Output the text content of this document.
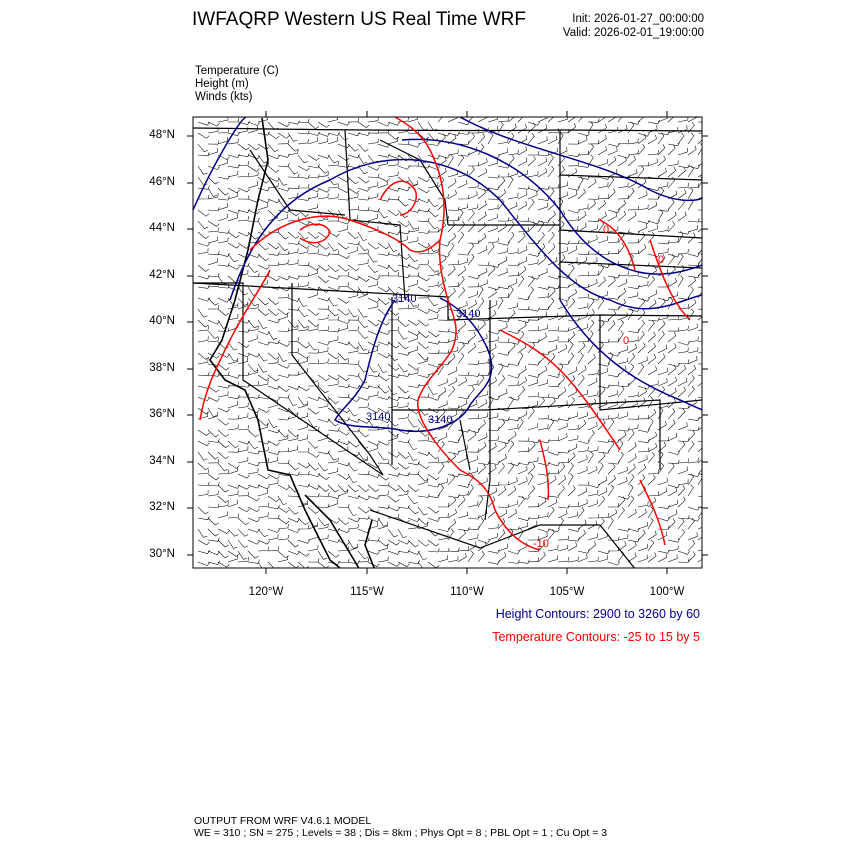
IWFAQRP Western US Real Time WRF	Init: 2026-01-27_00:00:00
Valid: 2026-02-01_19:00:00
Temperature (C)
Height (m)
Winds (kts)
3140
3140
3140	3140
0
0
0
-10
48°N
46°N
44°N
42°N
40°N
38°N
36°N
34°N
32°N
30°N
120°W	115°W	110°W	105°W	100°W
Height Contours: 2900 to 3260 by 60
Temperature Contours: -25 to 15 by 5
OUTPUT FROM WRF V4.6.1 MODEL
WE = 310 ; SN = 275 ; Levels = 38 ; Dis = 8km ; Phys Opt = 8 ; PBL Opt = 1 ; Cu Opt = 3
